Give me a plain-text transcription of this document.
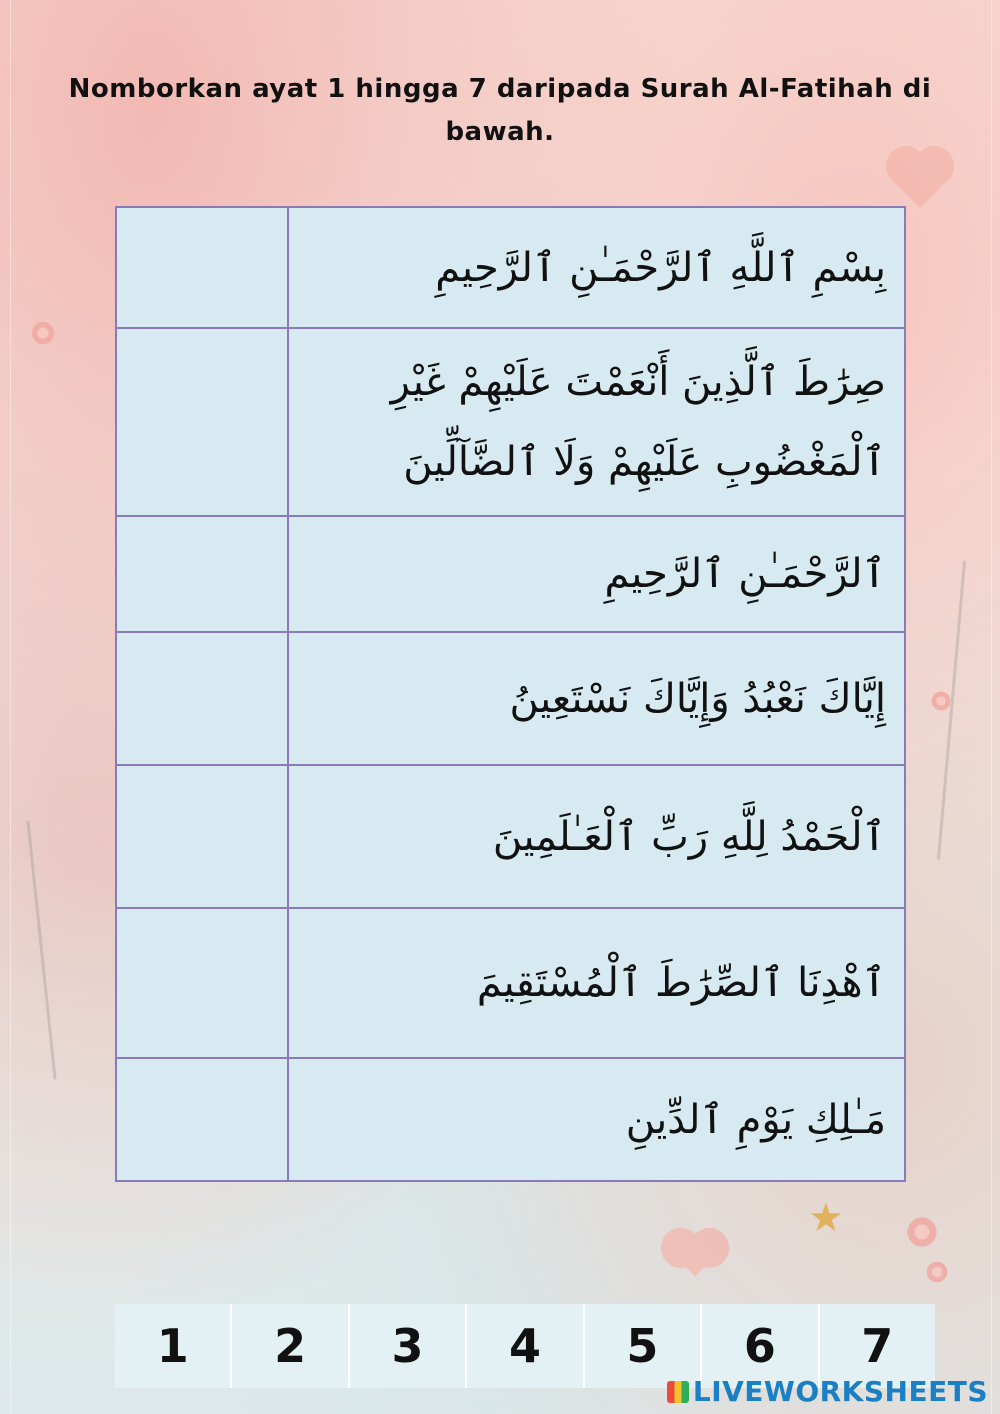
★
Nomborkan ayat 1 hingga 7 daripada Surah Al-Fatihah di bawah.
	بِسْمِ ٱللَّهِ ٱلرَّحْمَـٰنِ ٱلرَّحِيمِ
	صِرَٰطَ ٱلَّذِينَ أَنْعَمْتَ عَلَيْهِمْ غَيْرِ ٱلْمَغْضُوبِ عَلَيْهِمْ وَلَا ٱلضَّآلِّينَ
	ٱلرَّحْمَـٰنِ ٱلرَّحِيمِ
	إِيَّاكَ نَعْبُدُ وَإِيَّاكَ نَسْتَعِينُ
	ٱلْحَمْدُ لِلَّهِ رَبِّ ٱلْعَـٰلَمِينَ
	ٱهْدِنَا ٱلصِّرَٰطَ ٱلْمُسْتَقِيمَ
	مَـٰلِكِ يَوْمِ ٱلدِّينِ
1	2	3	4	5	6	7
LIVEWORKSHEETS
